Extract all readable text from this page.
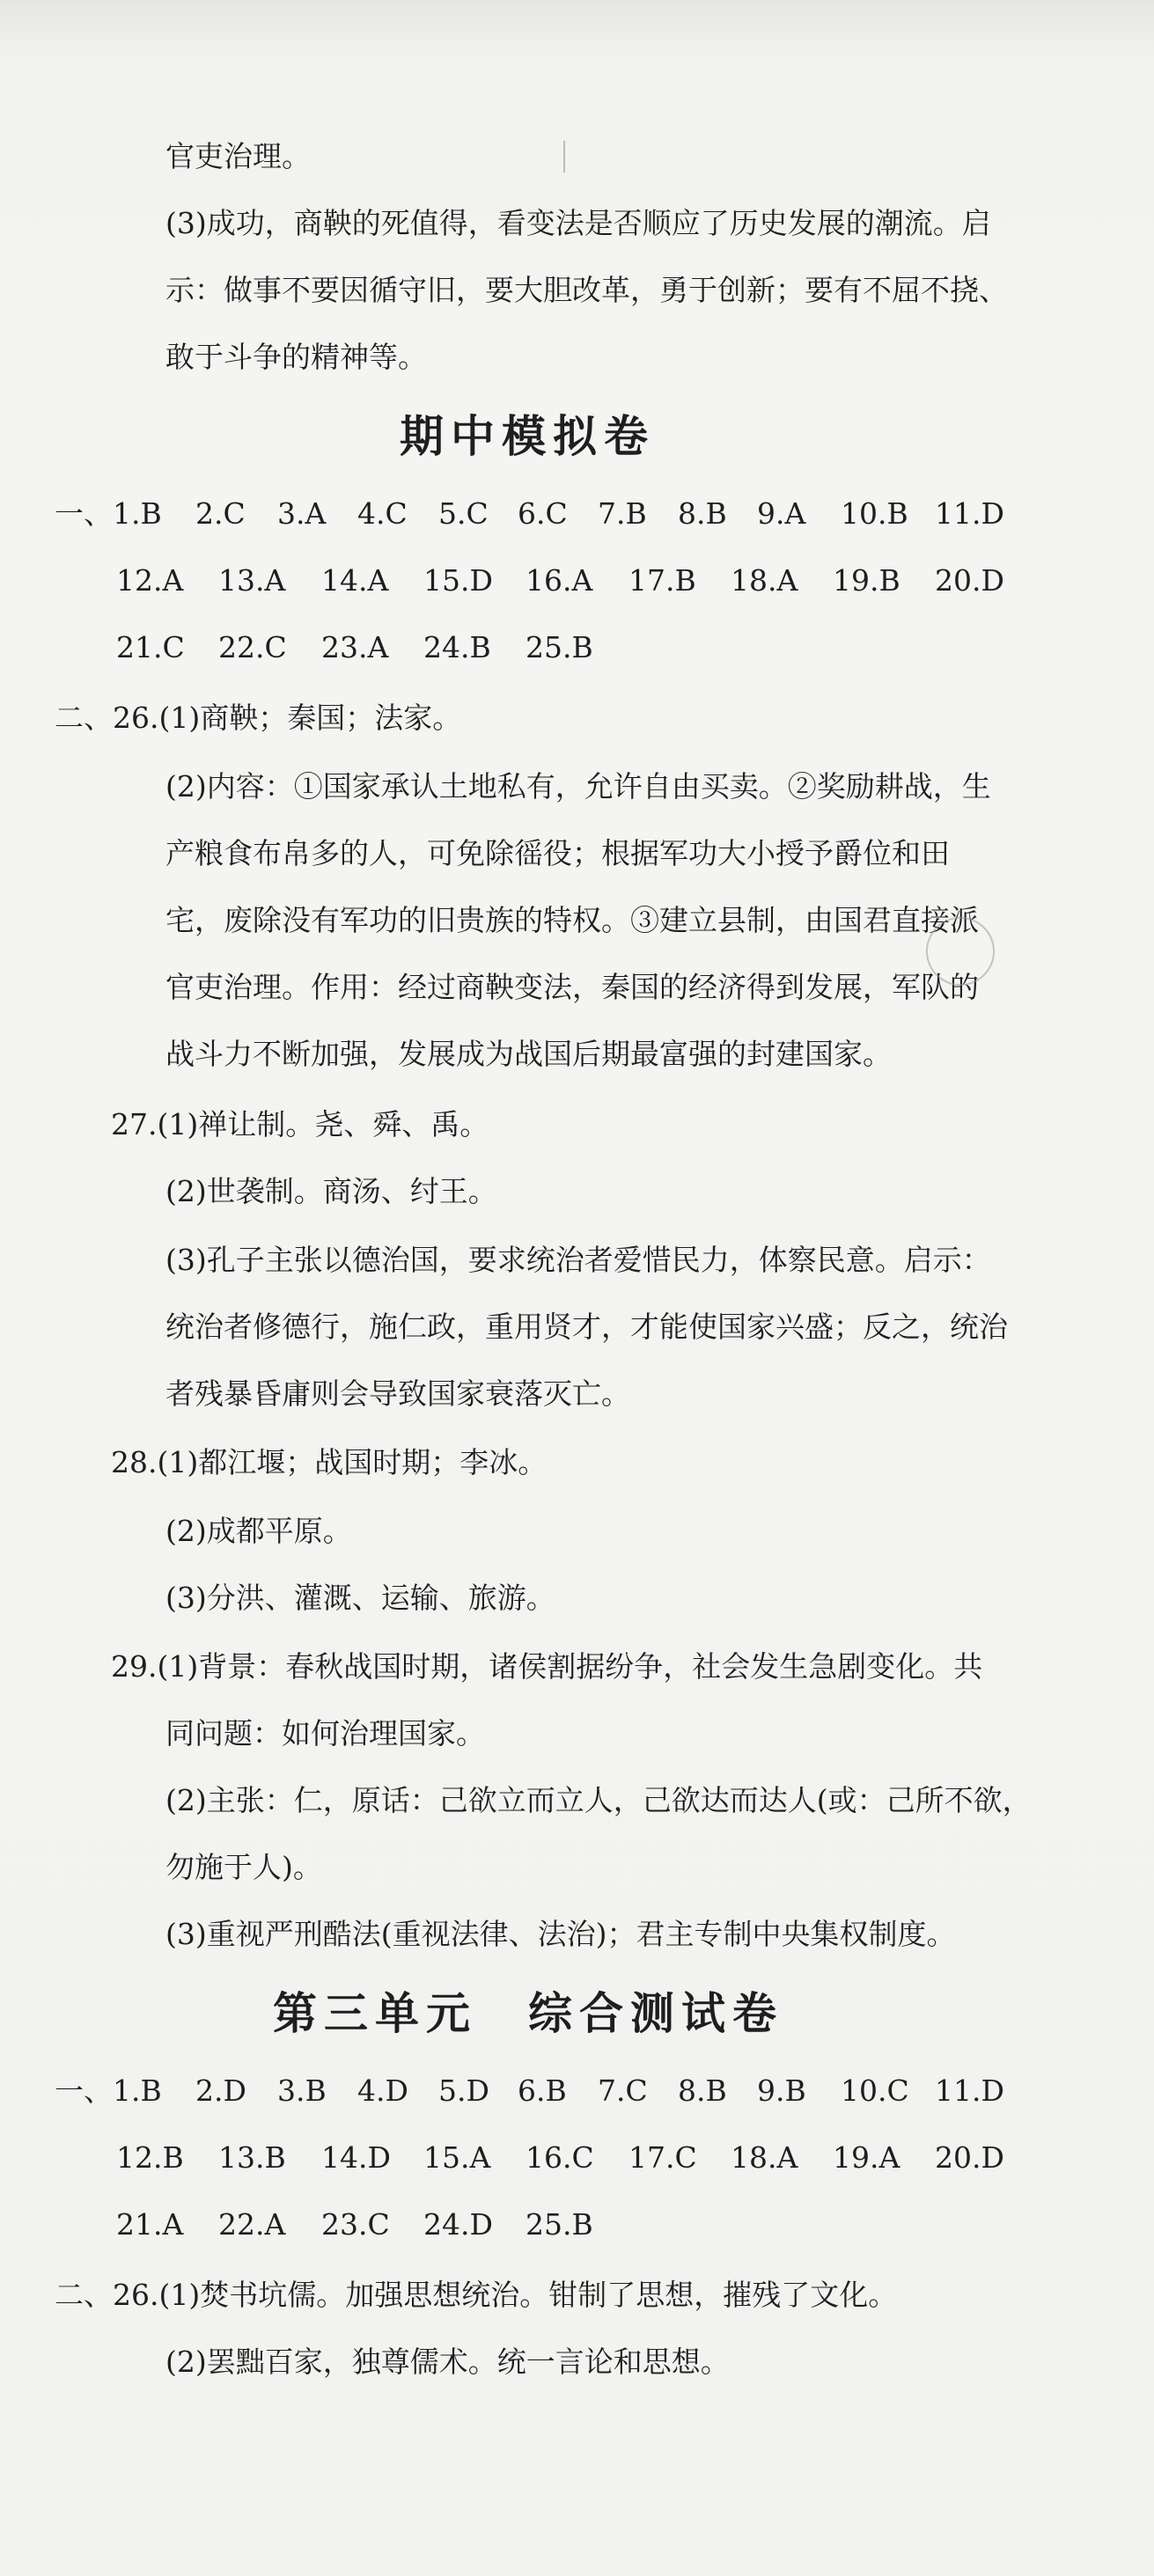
官吏治理。
(3)成功，商鞅的死值得，看变法是否顺应了历史发展的潮流。启
示：做事不要因循守旧，要大胆改革，勇于创新；要有不屈不挠、
敢于斗争的精神等。
期中模拟卷
一、1.B 2.C 3.A 4.C 5.C 6.C 7.B 8.B 9.A 10.B 11.D
12.A 13.A 14.A 15.D 16.A 17.B 18.A 19.B 20.D
21.C 22.C 23.A 24.B 25.B
二、26.(1)商鞅；秦国；法家。
(2)内容：①国家承认土地私有，允许自由买卖。②奖励耕战，生
产粮食布帛多的人，可免除徭役；根据军功大小授予爵位和田
宅，废除没有军功的旧贵族的特权。③建立县制，由国君直接派
官吏治理。作用：经过商鞅变法，秦国的经济得到发展，军队的
战斗力不断加强，发展成为战国后期最富强的封建国家。
27.(1)禅让制。尧、舜、禹。
(2)世袭制。商汤、纣王。
(3)孔子主张以德治国，要求统治者爱惜民力，体察民意。启示：
统治者修德行，施仁政，重用贤才，才能使国家兴盛；反之，统治
者残暴昏庸则会导致国家衰落灭亡。
28.(1)都江堰；战国时期；李冰。
(2)成都平原。
(3)分洪、灌溉、运输、旅游。
29.(1)背景：春秋战国时期，诸侯割据纷争，社会发生急剧变化。共
同问题：如何治理国家。
(2)主张：仁，原话：己欲立而立人，己欲达而达人(或：己所不欲，
勿施于人)。
(3)重视严刑酷法(重视法律、法治)；君主专制中央集权制度。
第三单元　综合测试卷
一、1.B 2.D 3.B 4.D 5.D 6.B 7.C 8.B 9.B 10.C 11.D
12.B 13.B 14.D 15.A 16.C 17.C 18.A 19.A 20.D
21.A 22.A 23.C 24.D 25.B
二、26.(1)焚书坑儒。加强思想统治。钳制了思想，摧残了文化。
(2)罢黜百家，独尊儒术。统一言论和思想。
